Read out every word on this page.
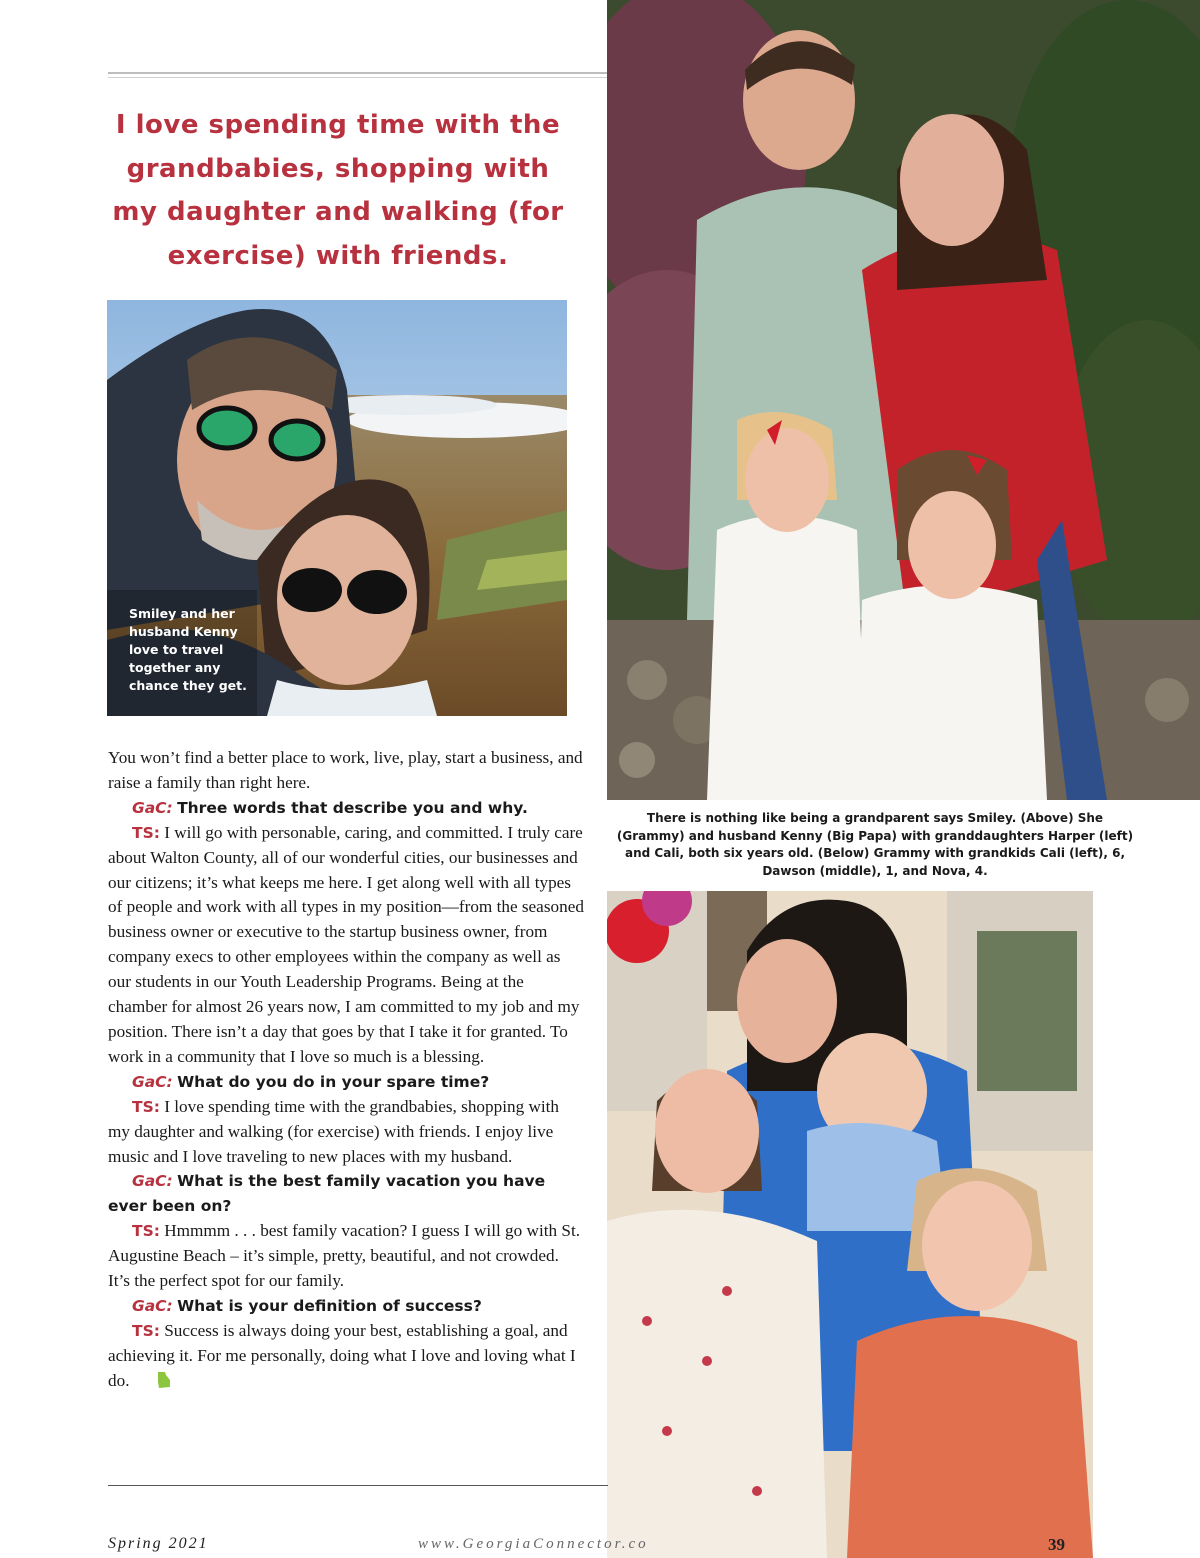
I love spending time with the grandbabies, shopping with my daughter and walking (for exercise) with friends.
Smiley and her husband Kenny love to travel together any chance they get.
There is nothing like being a grandparent says Smiley. (Above) She (Grammy) and husband Kenny (Big Papa) with granddaughters Harper (left) and Cali, both six years old. (Below) Grammy with grandkids Cali (left), 6, Dawson (middle), 1, and Nova, 4.

You won’t find a better place to work, live, play, start a business, and raise a family than right here.

GaC: Three words that describe you and why.

TS: I will go with personable, caring, and committed. I truly care about Walton County, all of our wonderful cities, our businesses and our citizens; it’s what keeps me here. I get along well with all types of people and work with all types in my position—from the seasoned business owner or executive to the startup business owner, from company execs to other employees within the company as well as our students in our Youth Leadership Programs. Being at the chamber for almost 26 years now, I am committed to my job and my position. There isn’t a day that goes by that I take it for granted. To work in a community that I love so much is a blessing.

GaC: What do you do in your spare time?

TS: I love spending time with the grandbabies, shopping with my daughter and walking (for exercise) with friends. I enjoy live music and I love traveling to new places with my husband.

GaC: What is the best family vacation you have ever been on?

TS: Hmmmm . . . best family vacation? I guess I will go with St. Augustine Beach – it’s simple, pretty, beautiful, and not crowded. It’s the perfect spot for our family.

GaC: What is your definition of success?

TS: Success is always doing your best, establishing a goal, and achieving it. For me personally, doing what I love and loving what I do.

Spring 2021	www.GeorgiaConnector.co	39
